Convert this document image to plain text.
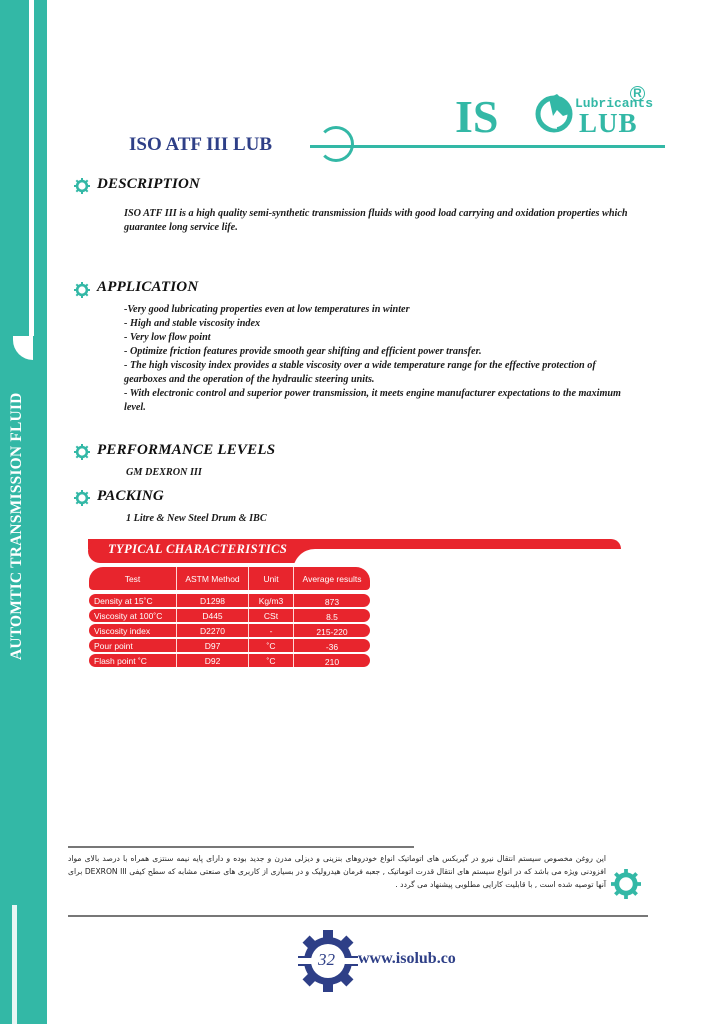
AUTOMTIC TRANSMISSION FLUID
IS	Lubricants
LUB
R
ISO ATF III LUB
DESCRIPTION
ISO ATF III is a high quality semi-synthetic transmission fluids with good load carrying and oxidation properties which guarantee long service life.
APPLICATION
-Very good lubricating properties even at low temperatures in winter
- High and stable viscosity index
- Very low flow point
- Optimize friction features provide smooth gear shifting and efficient power transfer.
- The high viscosity index provides a stable viscosity over a wide temperature range for the effective protection of gearboxes and the operation of the hydraulic steering units.
- With electronic control and superior power transmission, it meets engine manufacturer expectations to the maximum level.
PERFORMANCE LEVELS
GM DEXRON III
PACKING
1 Litre & New Steel Drum & IBC
TYPICAL CHARACTERISTICS
Test	ASTM Method	Unit	Average results
Density at 15˚C	D1298	Kg/m3	873
Viscosity at 100˚C	D445	CSt	8.5
Viscosity index	D2270	-	215-220
Pour point	D97	˚C	-36
Flash point ˚C	D92	˚C	210
این روغن مخصوص سیستم انتقال نیرو در گیربکس های اتوماتیک انواع خودروهای بنزینی و دیزلی مدرن و جدید بوده و دارای پایه نیمه سنتزی همراه با درصد بالای مواد افزودنی ویژه می باشد که در انواع سیستم های انتقال قدرت اتوماتیک , جعبه فرمان هیدرولیک و در بسیاری از کاربری های صنعتی مشابه که سطح کیفی DEXRON III برای آنها توصیه شده است , با قابلیت کارایی مطلوبی پیشنهاد می گردد .
32 www.isolub.co
